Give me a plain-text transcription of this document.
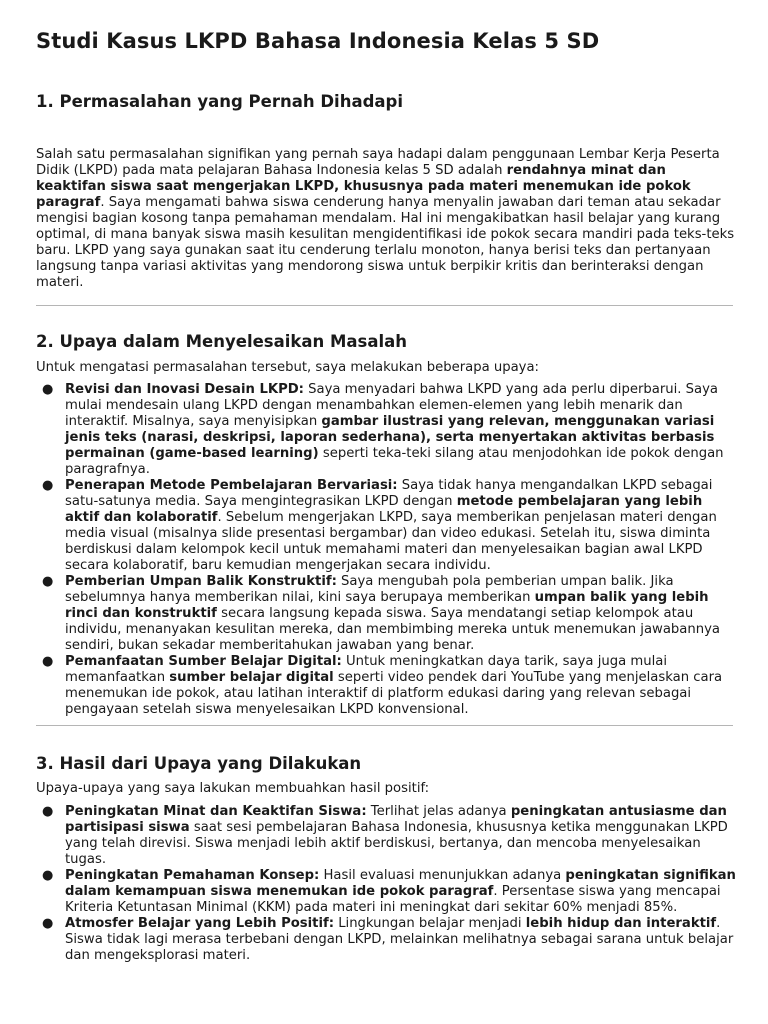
Studi Kasus LKPD Bahasa Indonesia Kelas 5 SD
1. Permasalahan yang Pernah Dihadapi

Salah satu permasalahan signifikan yang pernah saya hadapi dalam penggunaan Lembar Kerja Peserta Didik (LKPD) pada mata pelajaran Bahasa Indonesia kelas 5 SD adalah rendahnya minat dan keaktifan siswa saat mengerjakan LKPD, khususnya pada materi menemukan ide pokok paragraf. Saya mengamati bahwa siswa cenderung hanya menyalin jawaban dari teman atau sekadar mengisi bagian kosong tanpa pemahaman mendalam. Hal ini mengakibatkan hasil belajar yang kurang optimal, di mana banyak siswa masih kesulitan mengidentifikasi ide pokok secara mandiri pada teks-teks baru. LKPD yang saya gunakan saat itu cenderung terlalu monoton, hanya berisi teks dan pertanyaan langsung tanpa variasi aktivitas yang mendorong siswa untuk berpikir kritis dan berinteraksi dengan materi.

2. Upaya dalam Menyelesaikan Masalah

Untuk mengatasi permasalahan tersebut, saya melakukan beberapa upaya:

● Revisi dan Inovasi Desain LKPD: Saya menyadari bahwa LKPD yang ada perlu diperbarui. Saya mulai mendesain ulang LKPD dengan menambahkan elemen-elemen yang lebih menarik dan interaktif. Misalnya, saya menyisipkan gambar ilustrasi yang relevan, menggunakan variasi jenis teks (narasi, deskripsi, laporan sederhana), serta menyertakan aktivitas berbasis permainan (game-based learning) seperti teka-teki silang atau menjodohkan ide pokok dengan paragrafnya.
● Penerapan Metode Pembelajaran Bervariasi: Saya tidak hanya mengandalkan LKPD sebagai satu-satunya media. Saya mengintegrasikan LKPD dengan metode pembelajaran yang lebih aktif dan kolaboratif. Sebelum mengerjakan LKPD, saya memberikan penjelasan materi dengan media visual (misalnya slide presentasi bergambar) dan video edukasi. Setelah itu, siswa diminta berdiskusi dalam kelompok kecil untuk memahami materi dan menyelesaikan bagian awal LKPD secara kolaboratif, baru kemudian mengerjakan secara individu.
● Pemberian Umpan Balik Konstruktif: Saya mengubah pola pemberian umpan balik. Jika sebelumnya hanya memberikan nilai, kini saya berupaya memberikan umpan balik yang lebih rinci dan konstruktif secara langsung kepada siswa. Saya mendatangi setiap kelompok atau individu, menanyakan kesulitan mereka, dan membimbing mereka untuk menemukan jawabannya sendiri, bukan sekadar memberitahukan jawaban yang benar.
● Pemanfaatan Sumber Belajar Digital: Untuk meningkatkan daya tarik, saya juga mulai memanfaatkan sumber belajar digital seperti video pendek dari YouTube yang menjelaskan cara menemukan ide pokok, atau latihan interaktif di platform edukasi daring yang relevan sebagai pengayaan setelah siswa menyelesaikan LKPD konvensional.
3. Hasil dari Upaya yang Dilakukan

Upaya-upaya yang saya lakukan membuahkan hasil positif:

● Peningkatan Minat dan Keaktifan Siswa: Terlihat jelas adanya peningkatan antusiasme dan partisipasi siswa saat sesi pembelajaran Bahasa Indonesia, khususnya ketika menggunakan LKPD yang telah direvisi. Siswa menjadi lebih aktif berdiskusi, bertanya, dan mencoba menyelesaikan tugas.
● Peningkatan Pemahaman Konsep: Hasil evaluasi menunjukkan adanya peningkatan signifikan dalam kemampuan siswa menemukan ide pokok paragraf. Persentase siswa yang mencapai Kriteria Ketuntasan Minimal (KKM) pada materi ini meningkat dari sekitar 60% menjadi 85%.
● Atmosfer Belajar yang Lebih Positif: Lingkungan belajar menjadi lebih hidup dan interaktif. Siswa tidak lagi merasa terbebani dengan LKPD, melainkan melihatnya sebagai sarana untuk belajar dan mengeksplorasi materi.
